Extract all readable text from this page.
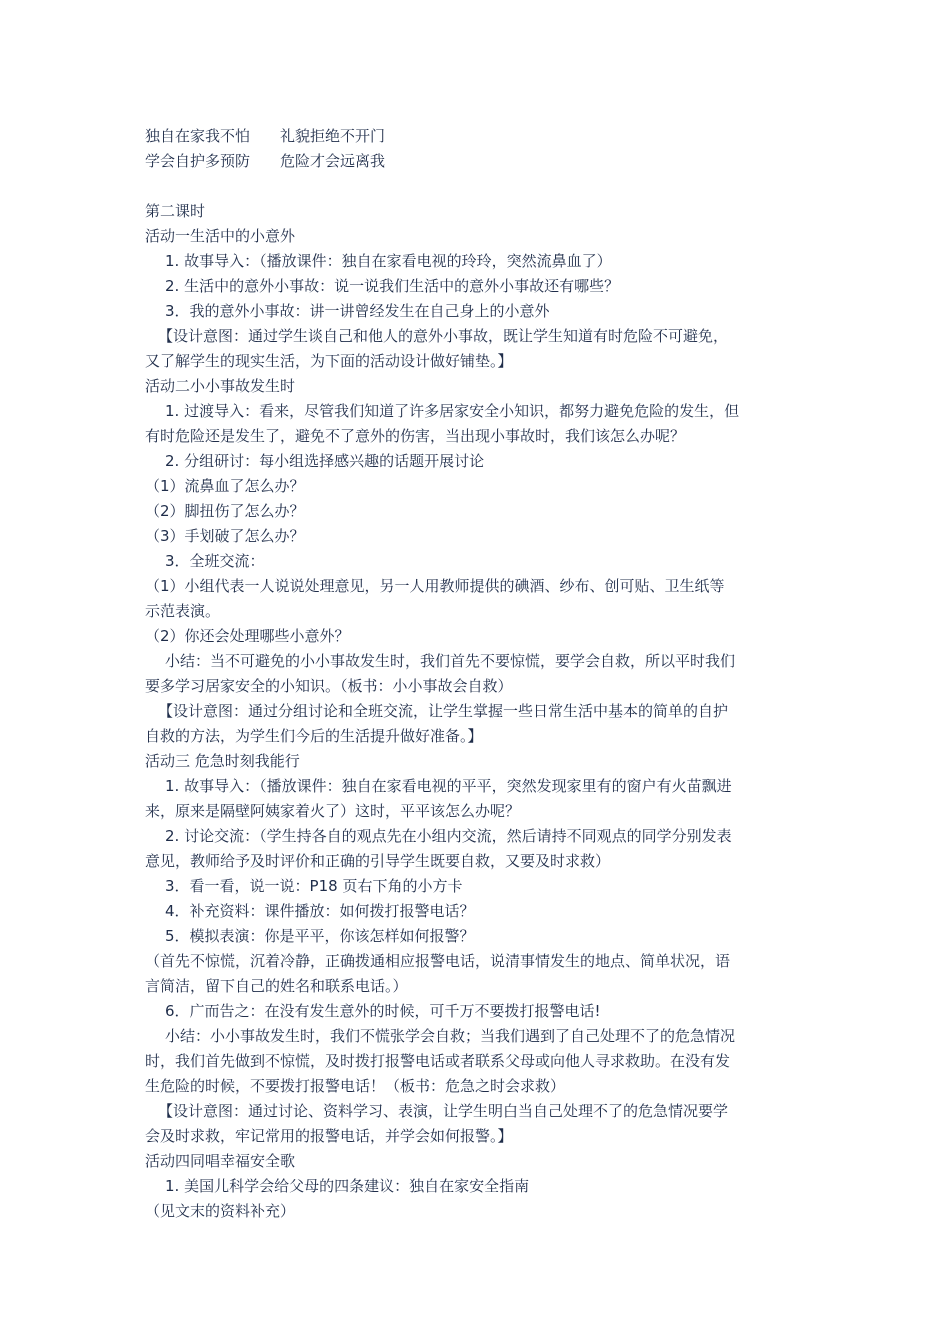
独自在家我不怕 礼貌拒绝不开门
学会自护多预防 危险才会远离我
第二课时
活动一生活中的小意外
1. 故事导入：（播放课件：独自在家看电视的玲玲，突然流鼻血了）
2. 生活中的意外小事故：说一说我们生活中的意外小事故还有哪些？
3．我的意外小事故：讲一讲曾经发生在自己身上的小意外
【设计意图：通过学生谈自己和他人的意外小事故，既让学生知道有时危险不可避免，
又了解学生的现实生活，为下面的活动设计做好铺垫。】
活动二小小事故发生时
1. 过渡导入：看来，尽管我们知道了许多居家安全小知识，都努力避免危险的发生，但
有时危险还是发生了，避免不了意外的伤害，当出现小事故时，我们该怎么办呢？
2. 分组研讨：每小组选择感兴趣的话题开展讨论
（1）流鼻血了怎么办？
（2）脚扭伤了怎么办？
（3）手划破了怎么办？
3．全班交流：
（1）小组代表一人说说处理意见，另一人用教师提供的碘酒、纱布、创可贴、卫生纸等
示范表演。
（2）你还会处理哪些小意外？
小结：当不可避免的小小事故发生时，我们首先不要惊慌，要学会自救，所以平时我们
要多学习居家安全的小知识。（板书：小小事故会自救）
【设计意图：通过分组讨论和全班交流，让学生掌握一些日常生活中基本的简单的自护
自救的方法，为学生们今后的生活提升做好准备。】
活动三 危急时刻我能行
1. 故事导入：（播放课件：独自在家看电视的平平，突然发现家里有的窗户有火苗飘进
来，原来是隔壁阿姨家着火了）这时，平平该怎么办呢？
2. 讨论交流：（学生持各自的观点先在小组内交流，然后请持不同观点的同学分别发表
意见，教师给予及时评价和正确的引导学生既要自救，又要及时求救）
3．看一看，说一说：P18 页右下角的小方卡
4．补充资料：课件播放：如何拨打报警电话？
5．模拟表演：你是平平，你该怎样如何报警？
（首先不惊慌，沉着冷静，正确拨通相应报警电话，说清事情发生的地点、简单状况，语
言简洁，留下自己的姓名和联系电话。）
6．广而告之：在没有发生意外的时候，可千万不要拨打报警电话!
小结：小小事故发生时，我们不慌张学会自救；当我们遇到了自己处理不了的危急情况
时，我们首先做到不惊慌，及时拨打报警电话或者联系父母或向他人寻求救助。在没有发
生危险的时候，不要拨打报警电话！（板书：危急之时会求救）
【设计意图：通过讨论、资料学习、表演，让学生明白当自己处理不了的危急情况要学
会及时求救，牢记常用的报警电话，并学会如何报警。】
活动四同唱幸福安全歌
1. 美国儿科学会给父母的四条建议：独自在家安全指南
（见文末的资料补充）
